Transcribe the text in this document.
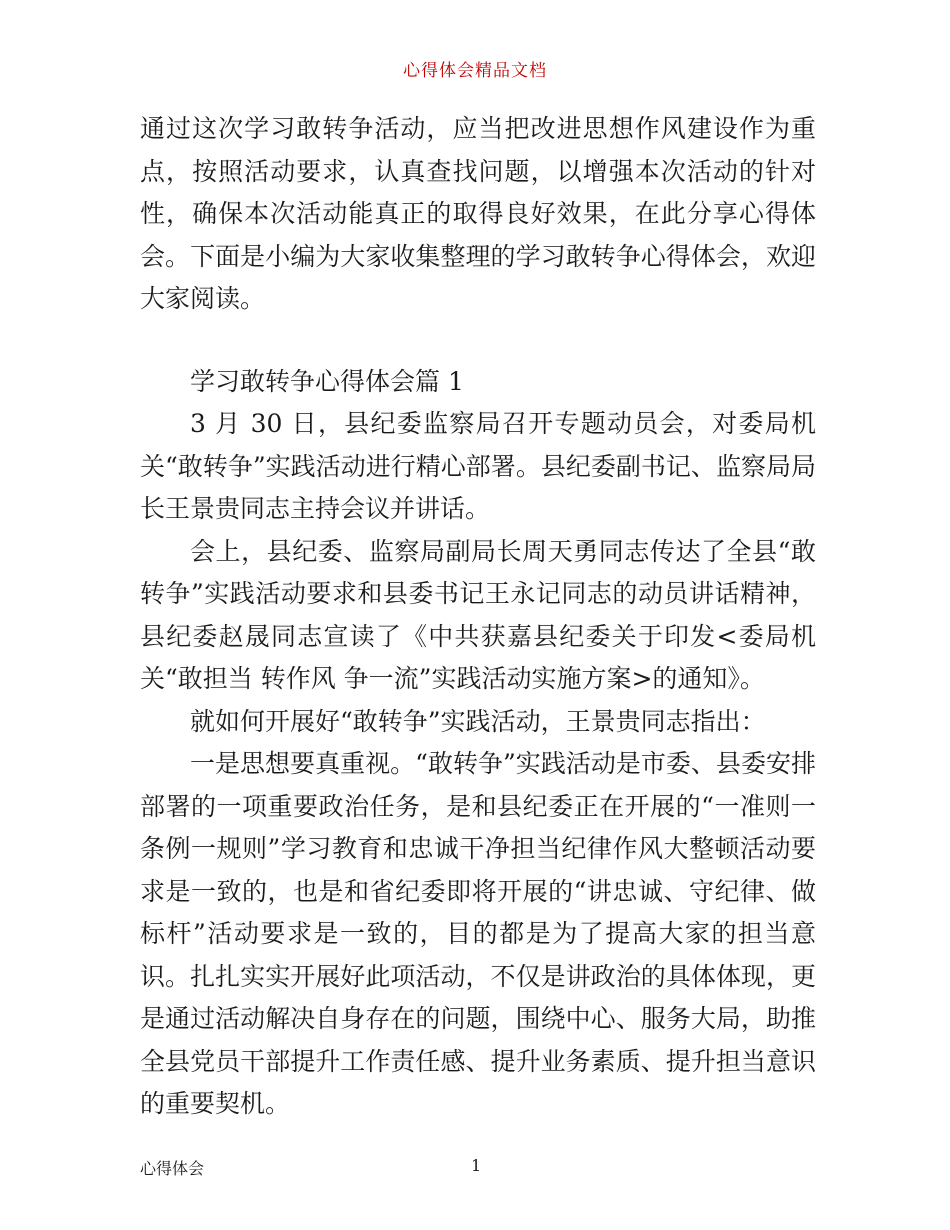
心得体会精品文档

通过这次学习敢转争活动，应当把改进思想作风建设作为重点，按照活动要求，认真查找问题，以增强本次活动的针对性，确保本次活动能真正的取得良好效果，在此分享心得体会。下面是小编为大家收集整理的学习敢转争心得体会，欢迎大家阅读。

学习敢转争心得体会篇 1

3 月 30 日，县纪委监察局召开专题动员会，对委局机关“敢转争”实践活动进行精心部署。县纪委副书记、监察局局长王景贵同志主持会议并讲话。

会上，县纪委、监察局副局长周天勇同志传达了全县“敢转争”实践活动要求和县委书记王永记同志的动员讲话精神，县纪委赵晟同志宣读了《中共获嘉县纪委关于印发<委局机关“敢担当 转作风 争一流”实践活动实施方案>的通知》。

就如何开展好“敢转争”实践活动，王景贵同志指出：

一是思想要真重视。“敢转争”实践活动是市委、县委安排部署的一项重要政治任务，是和县纪委正在开展的“一准则一条例一规则”学习教育和忠诚干净担当纪律作风大整顿活动要求是一致的，也是和省纪委即将开展的“讲忠诚、守纪律、做标杆”活动要求是一致的，目的都是为了提高大家的担当意识。扎扎实实开展好此项活动，不仅是讲政治的具体体现，更是通过活动解决自身存在的问题，围绕中心、服务大局，助推全县党员干部提升工作责任感、提升业务素质、提升担当意识的重要契机。

心得体会	1
